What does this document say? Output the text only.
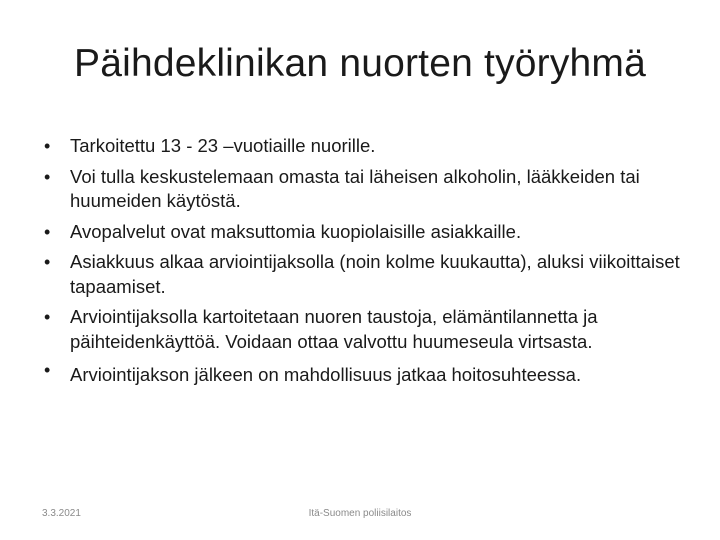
Päihdeklinikan nuorten työryhmä
• Tarkoitettu 13 - 23 –vuotiaille nuorille.
• Voi tulla keskustelemaan omasta tai läheisen alkoholin, lääkkeiden tai huumeiden käytöstä.
• Avopalvelut ovat maksuttomia kuopiolaisille asiakkaille.
• Asiakkuus alkaa arviointijaksolla (noin kolme kuukautta), aluksi viikoittaiset tapaamiset.
• Arviointijaksolla kartoitetaan nuoren taustoja, elämäntilannetta ja päihteidenkäyttöä. Voidaan ottaa valvottu huumeseula virtsasta.
• Arviointijakson jälkeen on mahdollisuus jatkaa hoitosuhteessa.
3.3.2021	Itä-Suomen poliisilaitos
